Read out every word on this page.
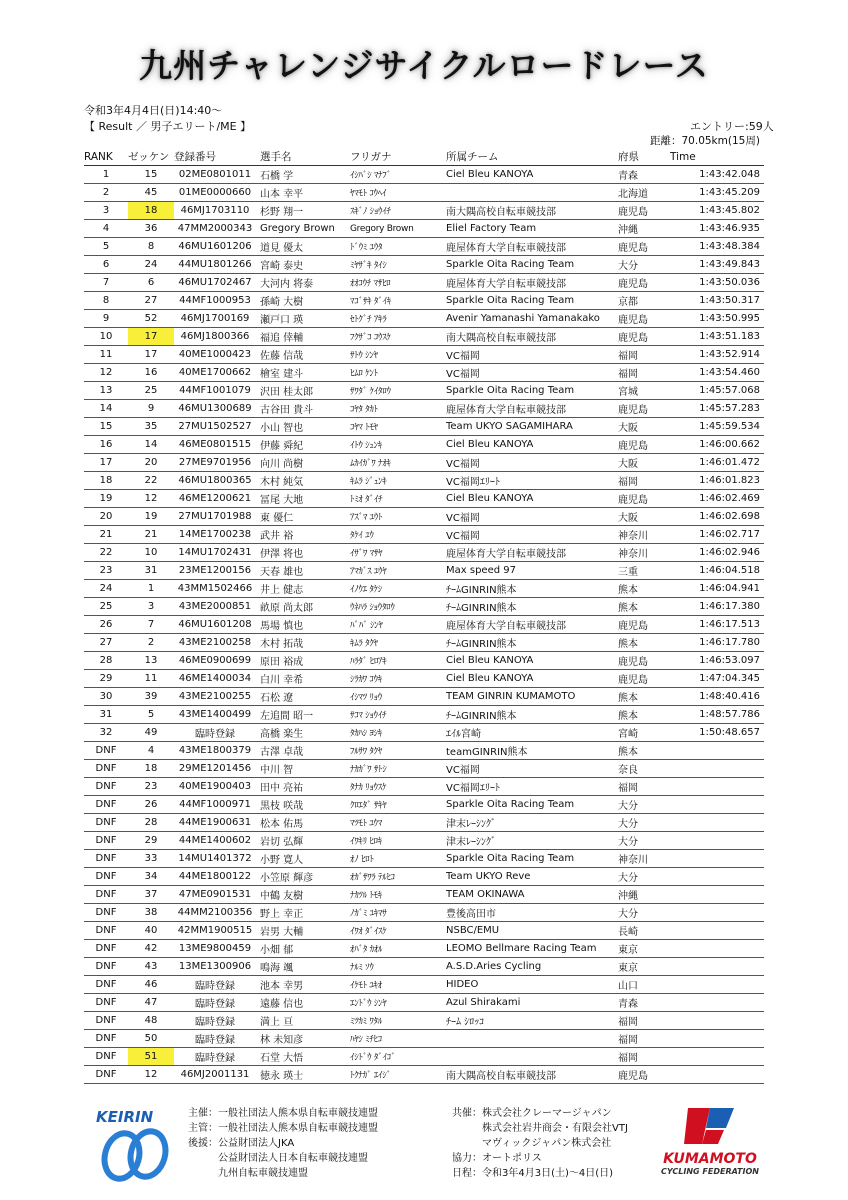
九州チャレンジサイクルロードレース
令和3年4月4日(日)14:40～
【 Result ／ 男子エリート/ME 】	エントリー:59人
距離：70.05km(15周)
RANK	ゼッケン	登録番号	選手名	フリガナ	所属チーム	府県	Time
1	15	02ME0801011	石橋 学	ｲｼﾊﾞｼ ﾏﾅﾌﾞ	Ciel Bleu KANOYA	青森	1:43:42.048
2	45	01ME0000660	山本 幸平	ﾔﾏﾓﾄ ｺｳﾍｲ		北海道	1:43:45.209
3	18	46MJ1703110	杉野 翔一	ｽｷﾞﾉ ｼｮｳｲﾁ	南大隅高校自転車競技部	鹿児島	1:43:45.802
4	36	47MM2000343	Gregory Brown	Gregory Brown	Eliel Factory Team	沖縄	1:43:46.935
5	8	46MU1601206	道見 優太	ﾄﾞｳﾐ ﾕｳﾀ	鹿屋体育大学自転車競技部	鹿児島	1:43:48.384
6	24	44MU1801266	宮崎 泰史	ﾐﾔｻﾞｷ ﾀｲｼ	Sparkle Oita Racing Team	大分	1:43:49.843
7	6	46MU1702467	大河内 将泰	ｵｵｺｳﾁ ﾏｻﾋﾛ	鹿屋体育大学自転車競技部	鹿児島	1:43:50.036
8	27	44MF1000953	孫崎 大樹	ﾏｺﾞｻｷ ﾀﾞｲｷ	Sparkle Oita Racing Team	京都	1:43:50.317
9	52	46MJ1700169	瀬戸口 瑛	ｾﾄｸﾞﾁ ｱｷﾗ	Avenir Yamanashi Yamanakako	鹿児島	1:43:50.995
10	17	46MJ1800366	福追 倖輔	ﾌｸｻﾞｺ ｺｳｽｹ	南大隅高校自転車競技部	鹿児島	1:43:51.183
11	17	40ME1000423	佐藤 信哉	ｻﾄｳ ｼﾝﾔ	VC福岡	福岡	1:43:52.914
12	16	40ME1700662	檜室 建斗	ﾋﾑﾛ ｹﾝﾄ	VC福岡	福岡	1:43:54.460
13	25	44MF1001079	沢田 桂太郎	ｻﾜﾀﾞ ｹｲﾀﾛｳ	Sparkle Oita Racing Team	宮城	1:45:57.068
14	9	46MU1300689	古谷田 貴斗	ｺﾔﾀ ﾀｶﾄ	鹿屋体育大学自転車競技部	鹿児島	1:45:57.283
15	35	27MU1502527	小山 智也	ｺﾔﾏ ﾄﾓﾔ	Team UKYO SAGAMIHARA	大阪	1:45:59.534
16	14	46ME0801515	伊藤 舜紀	ｲﾄｳ ｼｭﾝｷ	Ciel Bleu KANOYA	鹿児島	1:46:00.662
17	20	27ME9701956	向川 尚樹	ﾑｶｲｶﾞﾜ ﾅｵｷ	VC福岡	大阪	1:46:01.472
18	22	46MU1800365	木村 純気	ｷﾑﾗ ｼﾞｭﾝｷ	VC福岡ｴﾘｰﾄ	福岡	1:46:01.823
19	12	46ME1200621	冨尾 大地	ﾄﾐｵ ﾀﾞｲﾁ	Ciel Bleu KANOYA	鹿児島	1:46:02.469
20	19	27MU1701988	東 優仁	ｱｽﾞﾏ ﾕｳﾄ	VC福岡	大阪	1:46:02.698
21	21	14ME1700238	武井 裕	ﾀｹｲ ﾕｳ	VC福岡	神奈川	1:46:02.717
22	10	14MU1702431	伊澤 将也	ｲｻﾞﾜ ﾏｻﾔ	鹿屋体育大学自転車競技部	神奈川	1:46:02.946
23	31	23ME1200156	天春 雄也	ｱﾏｶﾞｽ ﾕｳﾔ	Max speed 97	三重	1:46:04.518
24	1	43MM1502466	井上 健志	ｲﾉｳｴ ﾀｹｼ	ﾁｰﾑGINRIN熊本	熊本	1:46:04.941
25	3	43ME2000851	畝原 尚太郎	ｳﾈﾊﾗ ｼｮｳﾀﾛｳ	ﾁｰﾑGINRIN熊本	熊本	1:46:17.380
26	7	46MU1601208	馬場 慎也	ﾊﾞﾊﾞ ｼﾝﾔ	鹿屋体育大学自転車競技部	鹿児島	1:46:17.513
27	2	43ME2100258	木村 拓哉	ｷﾑﾗ ﾀｸﾔ	ﾁｰﾑGINRIN熊本	熊本	1:46:17.780
28	13	46ME0900699	原田 裕成	ﾊﾗﾀﾞ ﾋﾛｱｷ	Ciel Bleu KANOYA	鹿児島	1:46:53.097
29	11	46ME1400034	白川 幸希	ｼﾗｶﾜ ｺｳｷ	Ciel Bleu KANOYA	鹿児島	1:47:04.345
30	39	43ME2100255	石松 遼	ｲｼﾏﾂ ﾘｮｳ	TEAM GINRIN KUMAMOTO	熊本	1:48:40.416
31	5	43ME1400499	左追間 昭一	ｻｺﾏ ｼｮｳｲﾁ	ﾁｰﾑGINRIN熊本	熊本	1:48:57.786
32	49	臨時登録	高橋 楽生	ﾀｶﾊｼ ﾖｼｷ	ｴｲﾙ宮崎	宮崎	1:50:48.657
DNF	4	43ME1800379	古澤 卓哉	ﾌﾙｻﾜ ﾀｸﾔ	teamGINRIN熊本	熊本	
DNF	18	29ME1201456	中川 智	ﾅｶｶﾞﾜ ｻﾄｼ	VC福岡	奈良	
DNF	23	40ME1900403	田中 亮祐	ﾀﾅｶ ﾘｮｳｽｹ	VC福岡ｴﾘｰﾄ	福岡	
DNF	26	44MF1000971	黒枝 咲哉	ｸﾛｴﾀﾞ ｻｷﾔ	Sparkle Oita Racing Team	大分	
DNF	28	44ME1900631	松本 佑馬	ﾏﾂﾓﾄ ﾕｳﾏ	津末ﾚｰｼﾝｸﾞ	大分	
DNF	29	44ME1400602	岩切 弘輝	ｲﾜｷﾘ ﾋﾛｷ	津末ﾚｰｼﾝｸﾞ	大分	
DNF	33	14MU1401372	小野 寛人	ｵﾉ ﾋﾛﾄ	Sparkle Oita Racing Team	神奈川	
DNF	34	44ME1800122	小笠原 輝彦	ｵｶﾞｻﾜﾗ ﾃﾙﾋｺ	Team UKYO Reve	大分	
DNF	37	47ME0901531	中鶴 友樹	ﾅｶﾂﾙ ﾄﾓｷ	TEAM OKINAWA	沖縄	
DNF	38	44MM2100356	野上 幸正	ﾉｶﾞﾐ ﾕｷﾏｻ	豊後高田市	大分	
DNF	40	42MM1900515	岩男 大輔	ｲﾜｵ ﾀﾞｲｽｹ	NSBC/EMU	長崎	
DNF	42	13ME9800459	小畑 郁	ｵﾊﾞﾀ ｶｵﾙ	LEOMO Bellmare Racing Team	東京	
DNF	43	13ME1300906	鳴海 颯	ﾅﾙﾐ ｿｳ	A.S.D.Aries Cycling	東京	
DNF	46	臨時登録	池本 幸男	ｲｹﾓﾄ ﾕｷｵ	HIDEO	山口	
DNF	47	臨時登録	遠藤 信也	ｴﾝﾄﾞｳ ｼﾝﾔ	Azul Shirakami	青森	
DNF	48	臨時登録	満上 亘	ﾐﾂｶﾐ ﾜﾀﾙ	ﾁｰﾑ ｼﾛｯｺ	福岡	
DNF	50	臨時登録	林 未知彦	ﾊﾔｼ ﾐﾁﾋｺ		福岡	
DNF	51	臨時登録	石堂 大悟	ｲｼﾄﾞｳ ﾀﾞｲｺﾞ		福岡	
DNF	12	46MJ2001131	徳永 瑛士	ﾄｸﾅｶﾞ ｴｲｼﾞ	南大隅高校自転車競技部	鹿児島	
KEIRIN	主催：一般社団法人熊本県自転車競技連盟
主管：一般社団法人熊本県自転車競技連盟
後援：公益財団法人JKA
　　　公益財団法人日本自転車競技連盟
　　　九州自転車競技連盟
共催：株式会社クレーマージャパン
　　　株式会社岩井商会・有限会社VTJ
　　　マヴィックジャパン株式会社
協力：オートポリス
日程：令和3年4月3日(土)～4日(日)
KUMAMOTO
CYCLING FEDERATION
